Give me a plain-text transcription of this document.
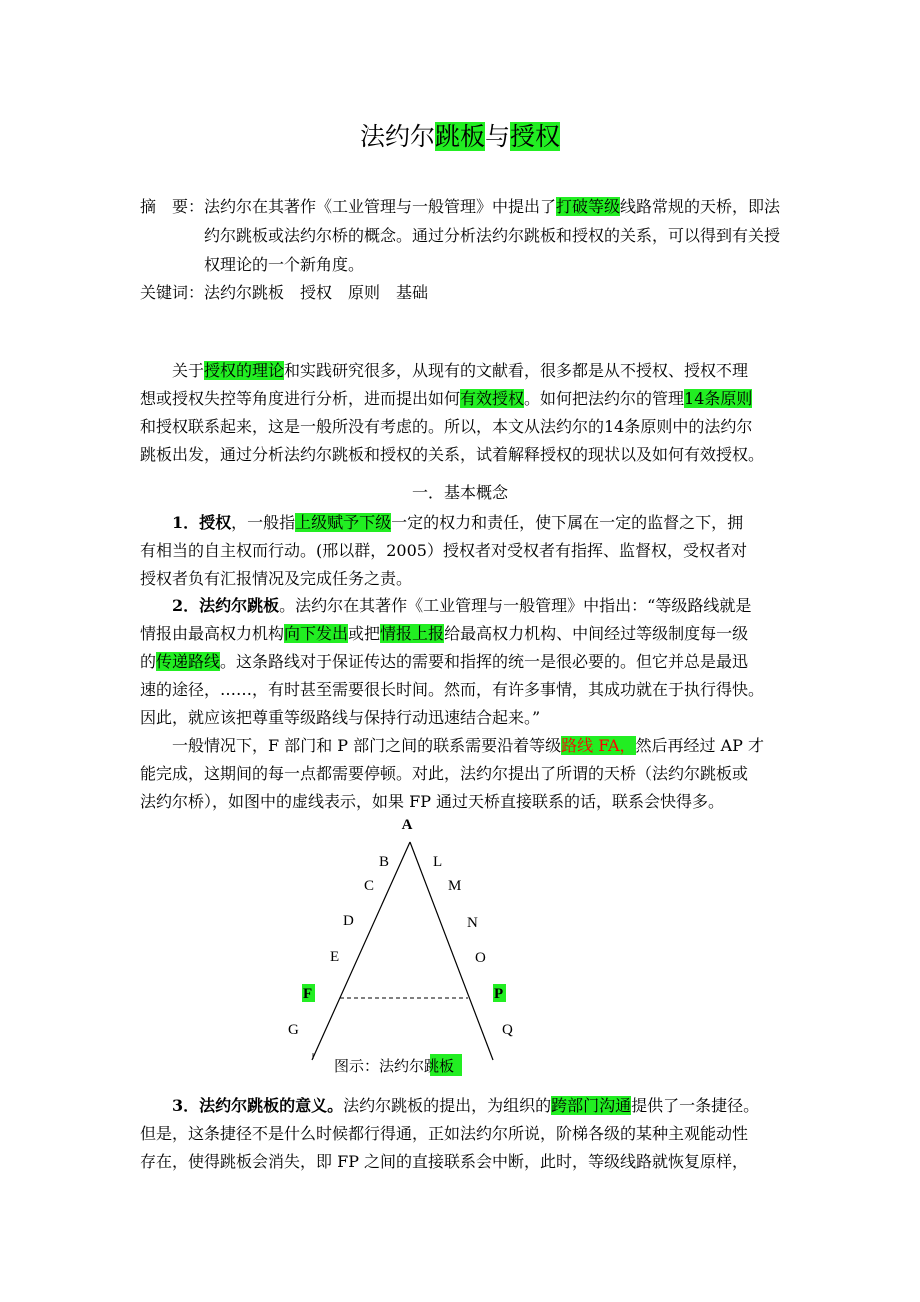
法约尔跳板与授权
摘　要：法约尔在其著作《工业管理与一般管理》中提出了打破等级线路常规的天桥，即法
约尔跳板或法约尔桥的概念。通过分析法约尔跳板和授权的关系，可以得到有关授
权理论的一个新角度。
关键词：法约尔跳板　授权　原则　基础
关于授权的理论和实践研究很多，从现有的文献看，很多都是从不授权、授权不理
想或授权失控等角度进行分析，进而提出如何有效授权。如何把法约尔的管理14条原则
和授权联系起来，这是一般所没有考虑的。所以，本文从法约尔的14条原则中的法约尔
跳板出发，通过分析法约尔跳板和授权的关系，试着解释授权的现状以及如何有效授权。
一．基本概念
1．授权，一般指上级赋予下级一定的权力和责任，使下属在一定的监督之下，拥
有相当的自主权而行动。(邢以群，2005）授权者对受权者有指挥、监督权，受权者对
授权者负有汇报情况及完成任务之责。
2．法约尔跳板。法约尔在其著作《工业管理与一般管理》中指出：“等级路线就是
情报由最高权力机构向下发出或把情报上报给最高权力机构、中间经过等级制度每一级
的传递路线。这条路线对于保证传达的需要和指挥的统一是很必要的。但它并总是最迅
速的途径，……，有时甚至需要很长时间。然而，有许多事情，其成功就在于执行得快。
因此，就应该把尊重等级路线与保持行动迅速结合起来。”
一般情况下，F 部门和 P 部门之间的联系需要沿着等级路线 FA，然后再经过 AP 才
能完成，这期间的每一点都需要停顿。对此，法约尔提出了所谓的天桥（法约尔跳板或
法约尔桥），如图中的虚线表示，如果 FP 通过天桥直接联系的话，联系会快得多。
A
B
C
D
E
F
G
L
M
N
O
P
Q
图示：法约尔跳板
3．法约尔跳板的意义。法约尔跳板的提出，为组织的跨部门沟通提供了一条捷径。
但是，这条捷径不是什么时候都行得通，正如法约尔所说，阶梯各级的某种主观能动性
存在，使得跳板会消失，即 FP 之间的直接联系会中断，此时，等级线路就恢复原样，
